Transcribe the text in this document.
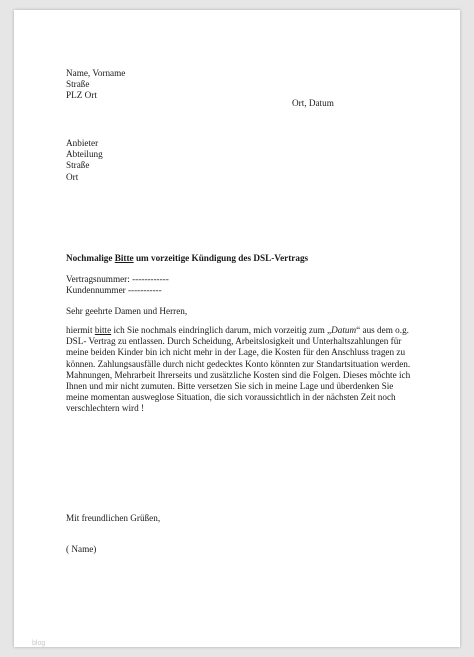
Name, Vorname
Straße
PLZ Ort
Ort, Datum
Anbieter
Abteilung
Straße
Ort
Nochmalige Bitte um vorzeitige Kündigung des DSL-Vertrags
Vertragsnummer: ------------
Kundennummer -----------
Sehr geehrte Damen und Herren,
hiermit bitte ich Sie nochmals eindringlich darum, mich vorzeitig zum „Datum“ aus dem o.g.
DSL- Vertrag zu entlassen. Durch Scheidung, Arbeitslosigkeit und Unterhaltszahlungen für
meine beiden Kinder bin ich nicht mehr in der Lage, die Kosten für den Anschluss tragen zu
können. Zahlungsausfälle durch nicht gedecktes Konto könnten zur Standartsituation werden.
Mahnungen, Mehrarbeit Ihrerseits und zusätzliche Kosten sind die Folgen. Dieses möchte ich
Ihnen und mir nicht zumuten. Bitte versetzen Sie sich in meine Lage und überdenken Sie
meine momentan ausweglose Situation, die sich voraussichtlich in der nächsten Zeit noch
verschlechtern wird !
Mit freundlichen Grüßen,
( Name)
blog
